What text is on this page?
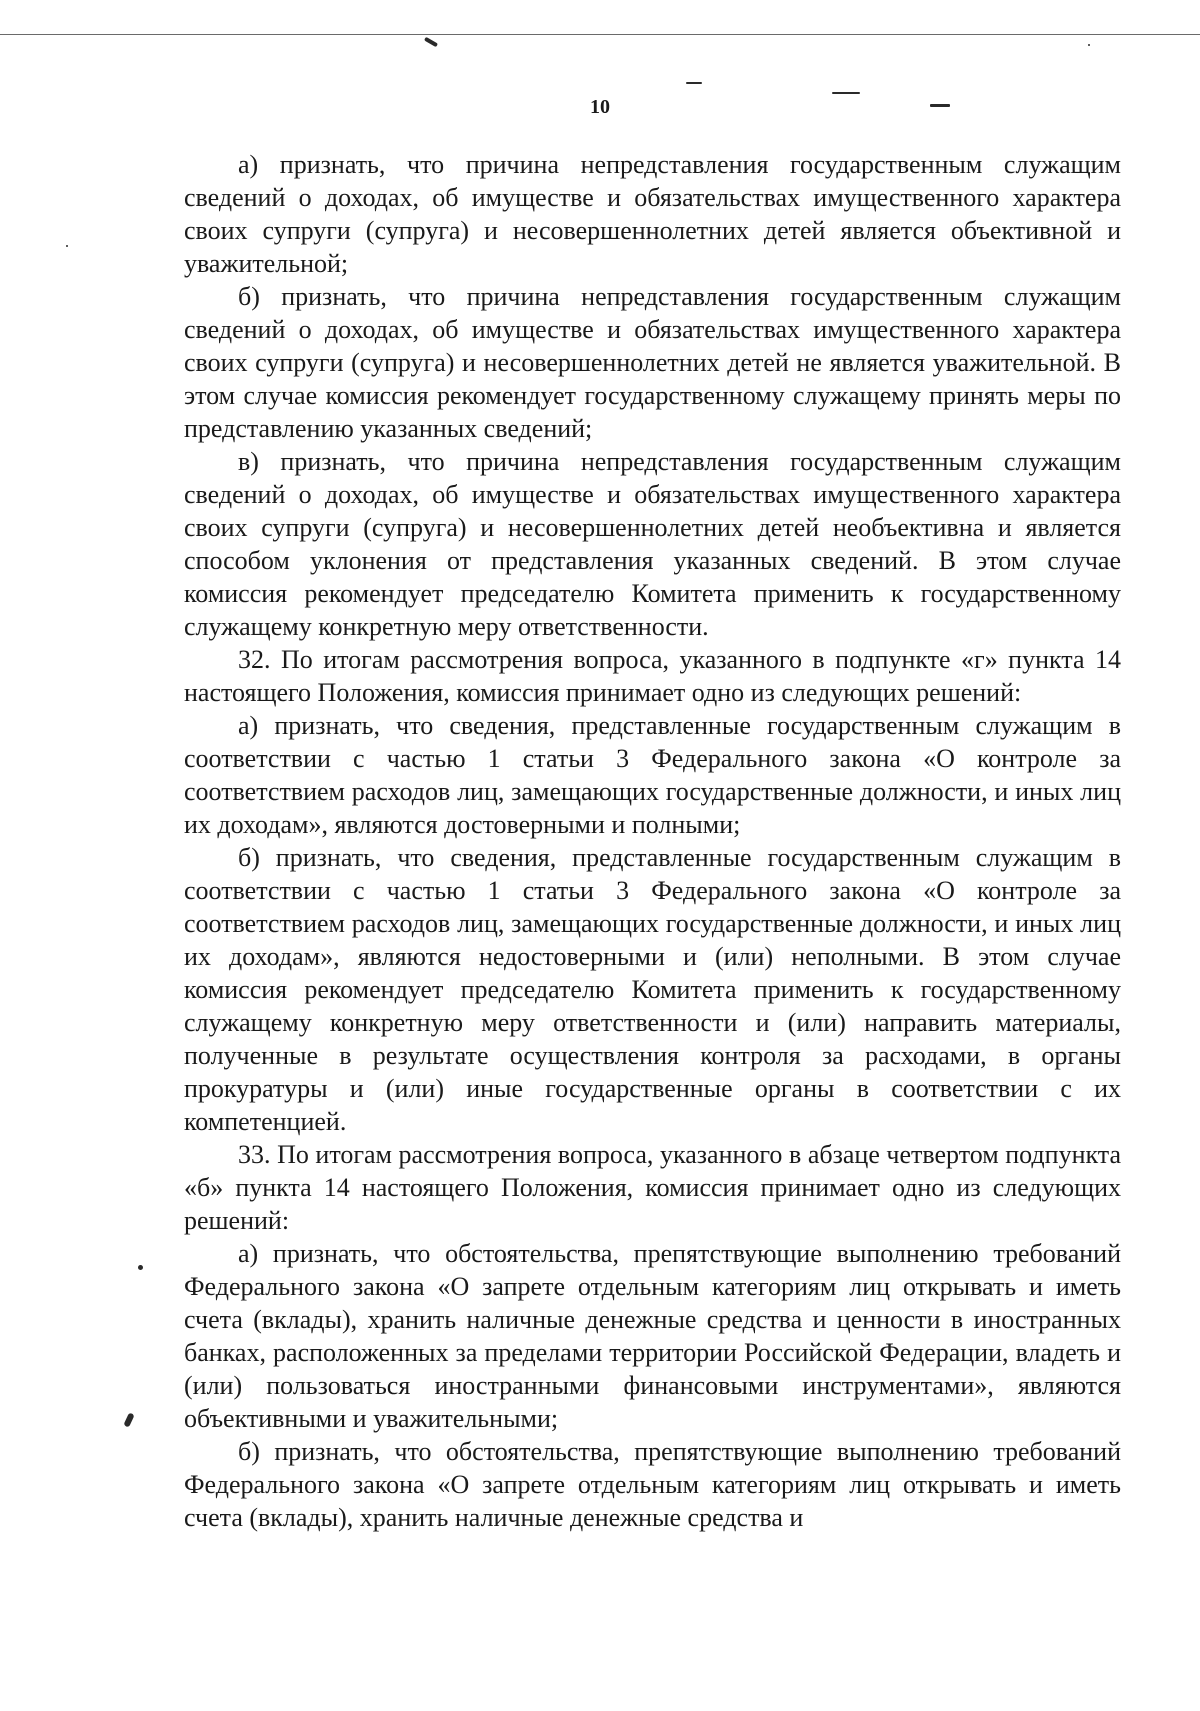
10

а) признать, что причина непредставления государственным служащим сведений о доходах, об имуществе и обязательствах имущественного характера своих супруги (супруга) и несовершеннолетних детей является объективной и уважительной;

б) признать, что причина непредставления государственным служащим сведений о доходах, об имуществе и обязательствах имущественного характера своих супруги (супруга) и несовершеннолетних детей не является уважительной. В этом случае комиссия рекомендует государственному служащему принять меры по представлению указанных сведений;

в) признать, что причина непредставления государственным служащим сведений о доходах, об имуществе и обязательствах имущественного характера своих супруги (супруга) и несовершеннолетних детей необъективна и является способом уклонения от представления указанных сведений. В этом случае комиссия рекомендует председателю Комитета применить к государственному служащему конкретную меру ответственности.

32. По итогам рассмотрения вопроса, указанного в подпункте «г» пункта 14 настоящего Положения, комиссия принимает одно из следующих решений:

а) признать, что сведения, представленные государственным служащим в соответствии с частью 1 статьи 3 Федерального закона «О контроле за соответствием расходов лиц, замещающих государственные должности, и иных лиц их доходам», являются достоверными и полными;

б) признать, что сведения, представленные государственным служащим в соответствии с частью 1 статьи 3 Федерального закона «О контроле за соответствием расходов лиц, замещающих государственные должности, и иных лиц их доходам», являются недостоверными и (или) неполными. В этом случае комиссия рекомендует председателю Комитета применить к государственному служащему конкретную меру ответственности и (или) направить материалы, полученные в результате осуществления контроля за расходами, в органы прокуратуры и (или) иные государственные органы в соответствии с их компетенцией.

33. По итогам рассмотрения вопроса, указанного в абзаце четвертом подпункта «б» пункта 14 настоящего Положения, комиссия принимает одно из следующих решений:

а) признать, что обстоятельства, препятствующие выполнению требований Федерального закона «О запрете отдельным категориям лиц открывать и иметь счета (вклады), хранить наличные денежные средства и ценности в иностранных банках, расположенных за пределами территории Российской Федерации, владеть и (или) пользоваться иностранными финансовыми инструментами», являются объективными и уважительными;

б) признать, что обстоятельства, препятствующие выполнению требований Федерального закона «О запрете отдельным категориям лиц открывать и иметь счета (вклады), хранить наличные денежные средства и
